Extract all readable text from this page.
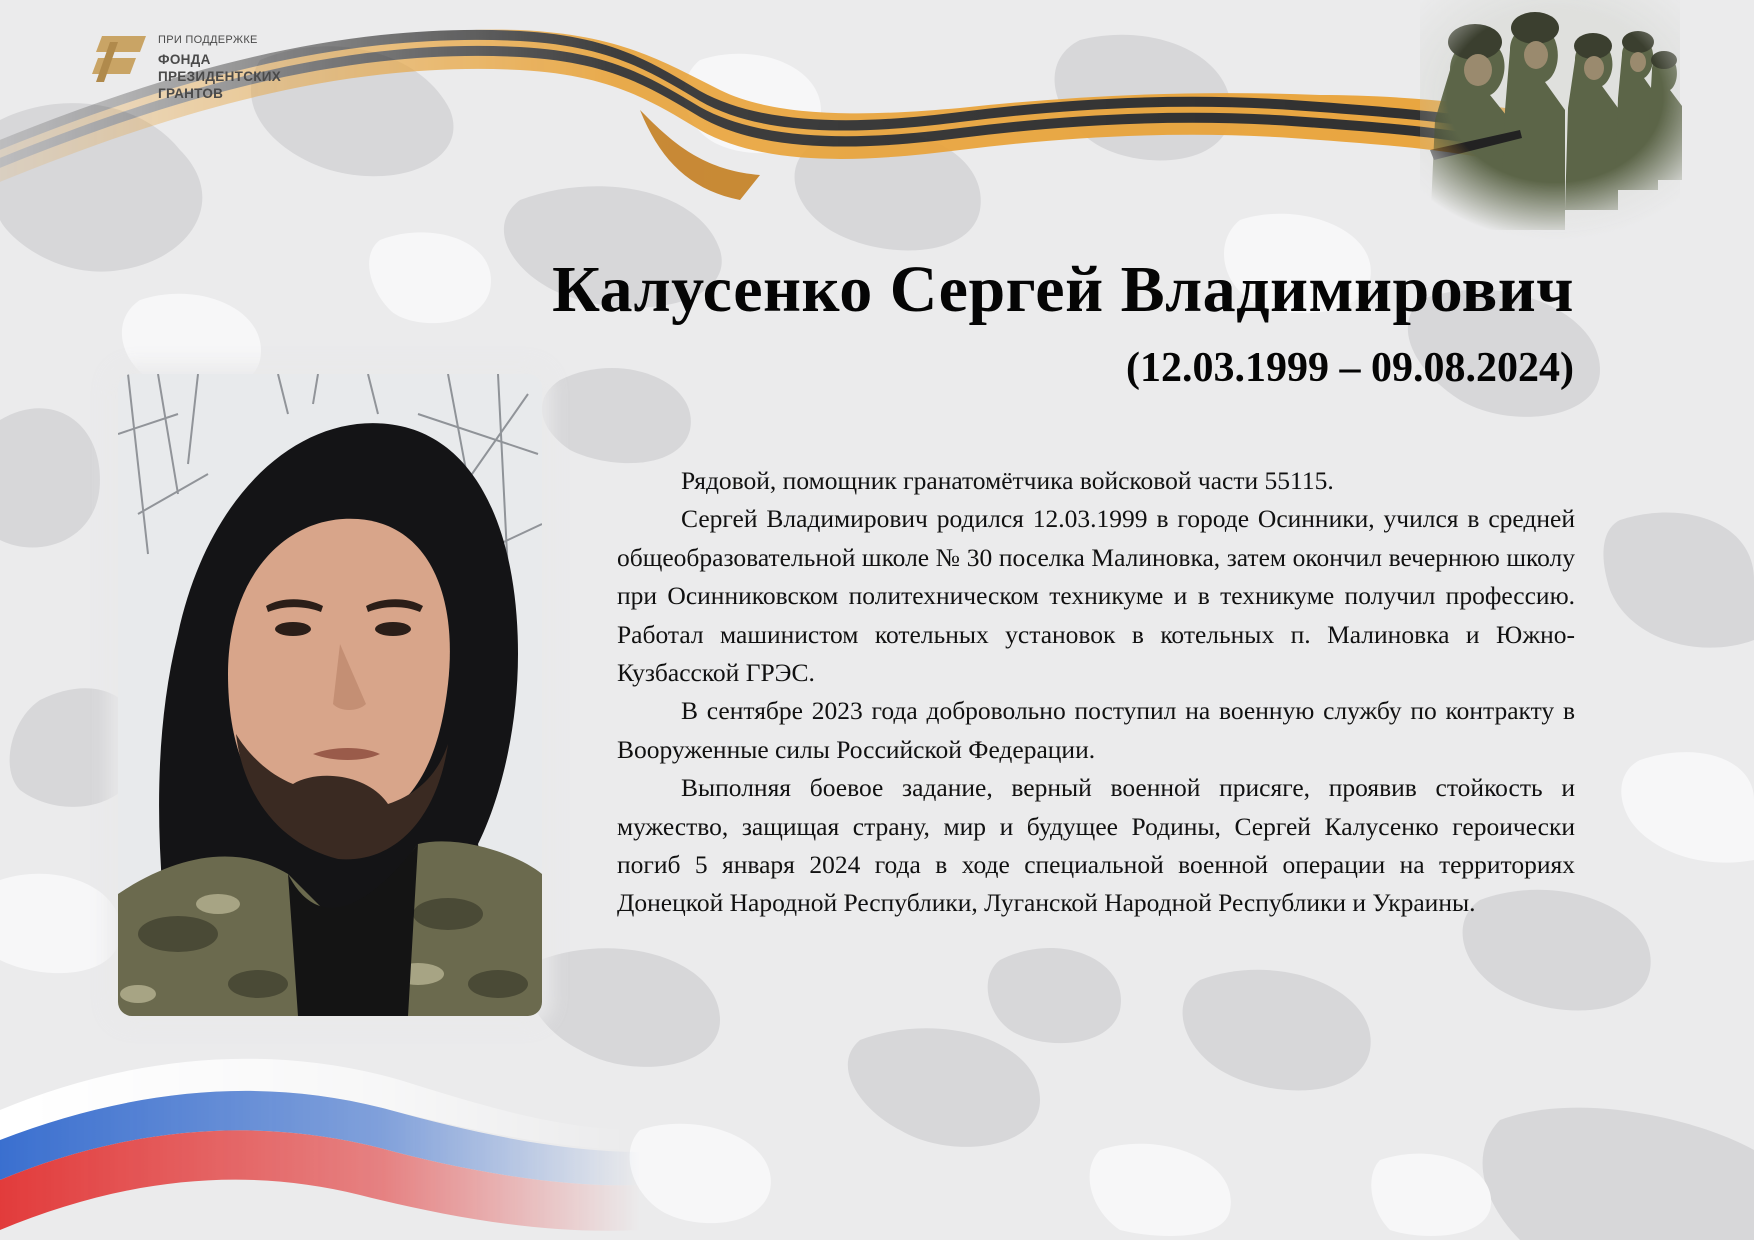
ПРИ ПОДДЕРЖКЕ
ФОНДА
ПРЕЗИДЕНТСКИХ
ГРАНТОВ
Калусенко Сергей Владимирович

(12.03.1999 – 09.08.2024)

Рядовой, помощник гранатомётчика войсковой части 55115.

Сергей Владимирович родился 12.03.1999 в городе Осинники, учился в средней общеобразовательной школе № 30 поселка Малиновка, затем окончил вечернюю школу при Осинниковском политехническом техникуме и в техникуме получил профессию. Работал машинистом котельных установок в котельных п. Малиновка и Южно-Кузбасской ГРЭС.

В сентябре 2023 года добровольно поступил на военную службу по контракту в Вооруженные силы Российской Федерации.

Выполняя боевое задание, верный военной присяге, проявив стойкость и мужество, защищая страну, мир и будущее Родины, Сергей Калусенко героически погиб 5 января 2024 года в ходе специальной военной операции на территориях Донецкой Народной Республики, Луганской Народной Республики и Украины.
